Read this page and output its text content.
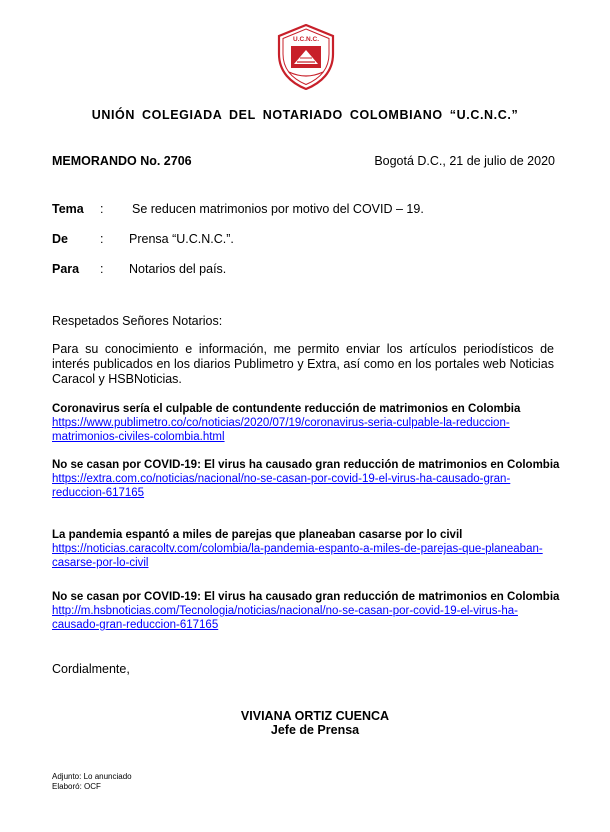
U.C.N.C.
UNIÓN COLEGIADA DEL NOTARIADO COLOMBIANO “U.C.N.C.”
MEMORANDO No. 2706	Bogotá D.C., 21 de julio de 2020
Tema	: Se reducen matrimonios por motivo del COVID – 19.
De	: Prensa “U.C.N.C.”.
Para	: Notarios del país.
Respetados Señores Notarios:
Para su conocimiento e información, me permito enviar los artículos periodísticos de interés publicados en los diarios Publimetro y Extra, así como en los portales web Noticias Caracol y HSBNoticias.
Coronavirus sería el culpable de contundente reducción de matrimonios en Colombia
https://www.publimetro.co/co/noticias/2020/07/19/coronavirus-seria-culpable-la-reduccion-matrimonios-civiles-colombia.html
No se casan por COVID-19: El virus ha causado gran reducción de matrimonios en Colombia
https://extra.com.co/noticias/nacional/no-se-casan-por-covid-19-el-virus-ha-causado-gran-reduccion-617165
La pandemia espantó a miles de parejas que planeaban casarse por lo civil
https://noticias.caracoltv.com/colombia/la-pandemia-espanto-a-miles-de-parejas-que-planeaban-casarse-por-lo-civil
No se casan por COVID-19: El virus ha causado gran reducción de matrimonios en Colombia
http://m.hsbnoticias.com/Tecnologia/noticias/nacional/no-se-casan-por-covid-19-el-virus-ha-causado-gran-reduccion-617165
Cordialmente,
VIVIANA ORTIZ CUENCA
Jefe de Prensa
Adjunto: Lo anunciado
Elaboró: OCF
